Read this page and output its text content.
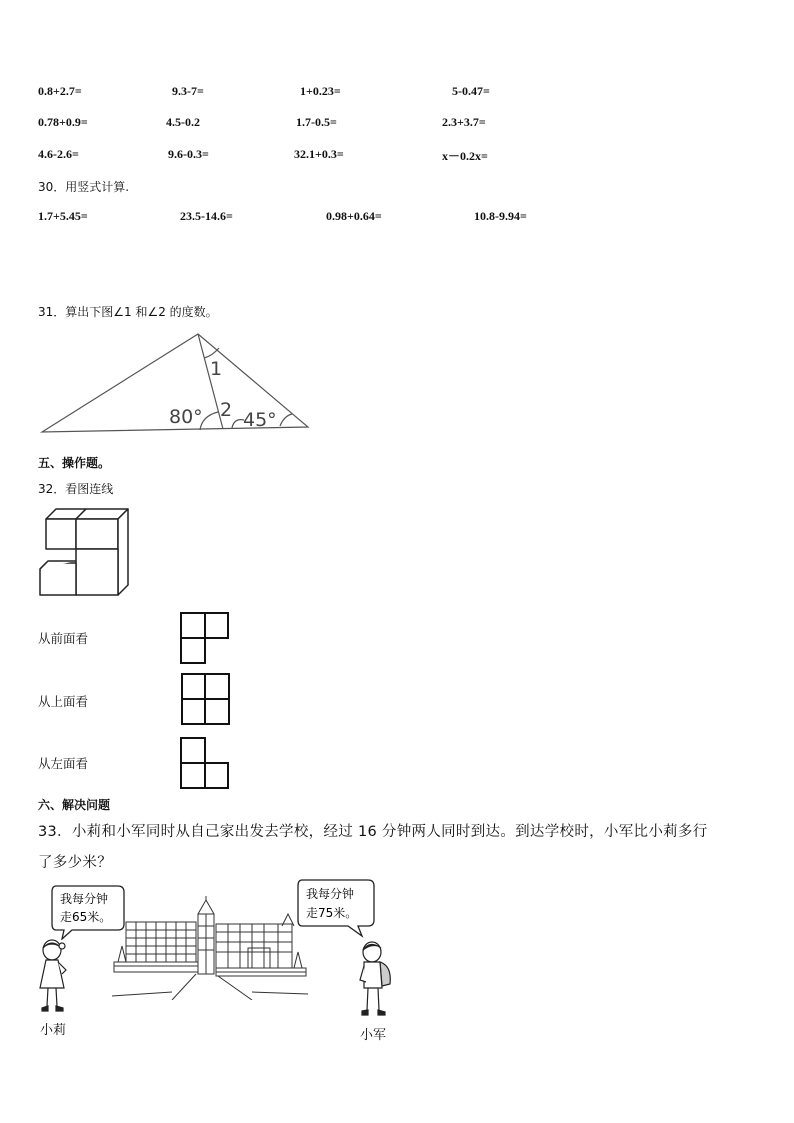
0.8+2.7=	9.3-7=	1+0.23=	5-0.47=
0.78+0.9=	4.5-0.2	1.7-0.5=	2.3+3.7=
4.6-2.6=	9.6-0.3=	32.1+0.3=	x－0.2x=
30．用竖式计算.
1.7+5.45=	23.5-14.6=	0.98+0.64=	10.8-9.94=
31．算出下图∠1 和∠2 的度数。
1
2
80° 45°
五、操作题。
32．看图连线
从前面看
从上面看
从左面看
六、解决问题
33．小莉和小军同时从自己家出发去学校，经过 16 分钟两人同时到达。到达学校时，小军比小莉多行
了多少米？
我每分钟
走65米。
我每分钟
走75米。
小莉	小军
